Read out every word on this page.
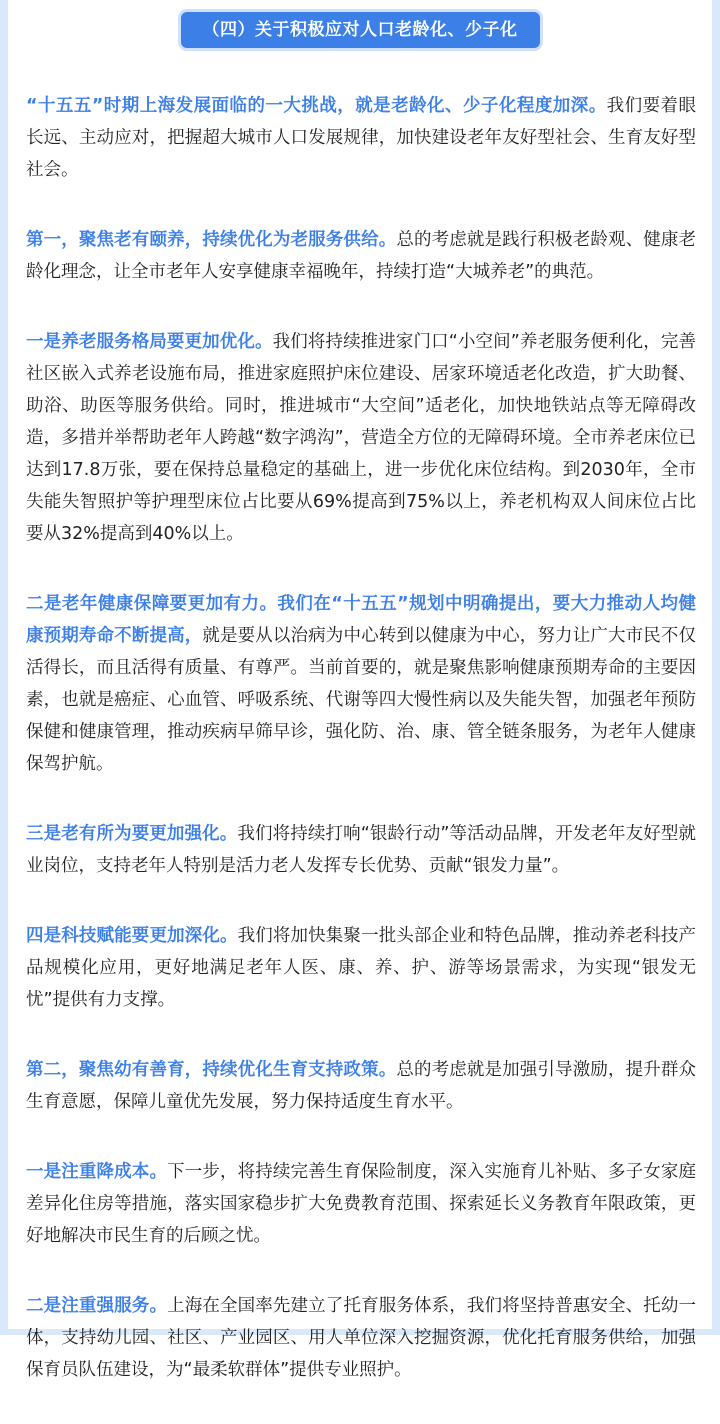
（四）关于积极应对人口老龄化、少子化

“十五五”时期上海发展面临的一大挑战，就是老龄化、少子化程度加深。我们要着眼长远、主动应对，把握超大城市人口发展规律，加快建设老年友好型社会、生育友好型社会。

第一，聚焦老有颐养，持续优化为老服务供给。总的考虑就是践行积极老龄观、健康老龄化理念，让全市老年人安享健康幸福晚年，持续打造“大城养老”的典范。

一是养老服务格局要更加优化。我们将持续推进家门口“小空间”养老服务便利化，完善社区嵌入式养老设施布局，推进家庭照护床位建设、居家环境适老化改造，扩大助餐、助浴、助医等服务供给。同时，推进城市“大空间”适老化，加快地铁站点等无障碍改造，多措并举帮助老年人跨越“数字鸿沟”，营造全方位的无障碍环境。全市养老床位已达到17.8万张，要在保持总量稳定的基础上，进一步优化床位结构。到2030年，全市失能失智照护等护理型床位占比要从69%提高到75%以上，养老机构双人间床位占比要从32%提高到40%以上。

二是老年健康保障要更加有力。我们在“十五五”规划中明确提出，要大力推动人均健康预期寿命不断提高，就是要从以治病为中心转到以健康为中心，努力让广大市民不仅活得长，而且活得有质量、有尊严。当前首要的，就是聚焦影响健康预期寿命的主要因素，也就是癌症、心血管、呼吸系统、代谢等四大慢性病以及失能失智，加强老年预防保健和健康管理，推动疾病早筛早诊，强化防、治、康、管全链条服务，为老年人健康保驾护航。

三是老有所为要更加强化。我们将持续打响“银龄行动”等活动品牌，开发老年友好型就业岗位，支持老年人特别是活力老人发挥专长优势、贡献“银发力量”。

四是科技赋能要更加深化。我们将加快集聚一批头部企业和特色品牌，推动养老科技产品规模化应用，更好地满足老年人医、康、养、护、游等场景需求，为实现“银发无忧”提供有力支撑。

第二，聚焦幼有善育，持续优化生育支持政策。总的考虑就是加强引导激励，提升群众生育意愿，保障儿童优先发展，努力保持适度生育水平。

一是注重降成本。下一步，将持续完善生育保险制度，深入实施育儿补贴、多子女家庭差异化住房等措施，落实国家稳步扩大免费教育范围、探索延长义务教育年限政策，更好地解决市民生育的后顾之忧。

二是注重强服务。上海在全国率先建立了托育服务体系，我们将坚持普惠安全、托幼一体，支持幼儿园、社区、产业园区、用人单位深入挖掘资源，优化托育服务供给，加强保育员队伍建设，为“最柔软群体”提供专业照护。
